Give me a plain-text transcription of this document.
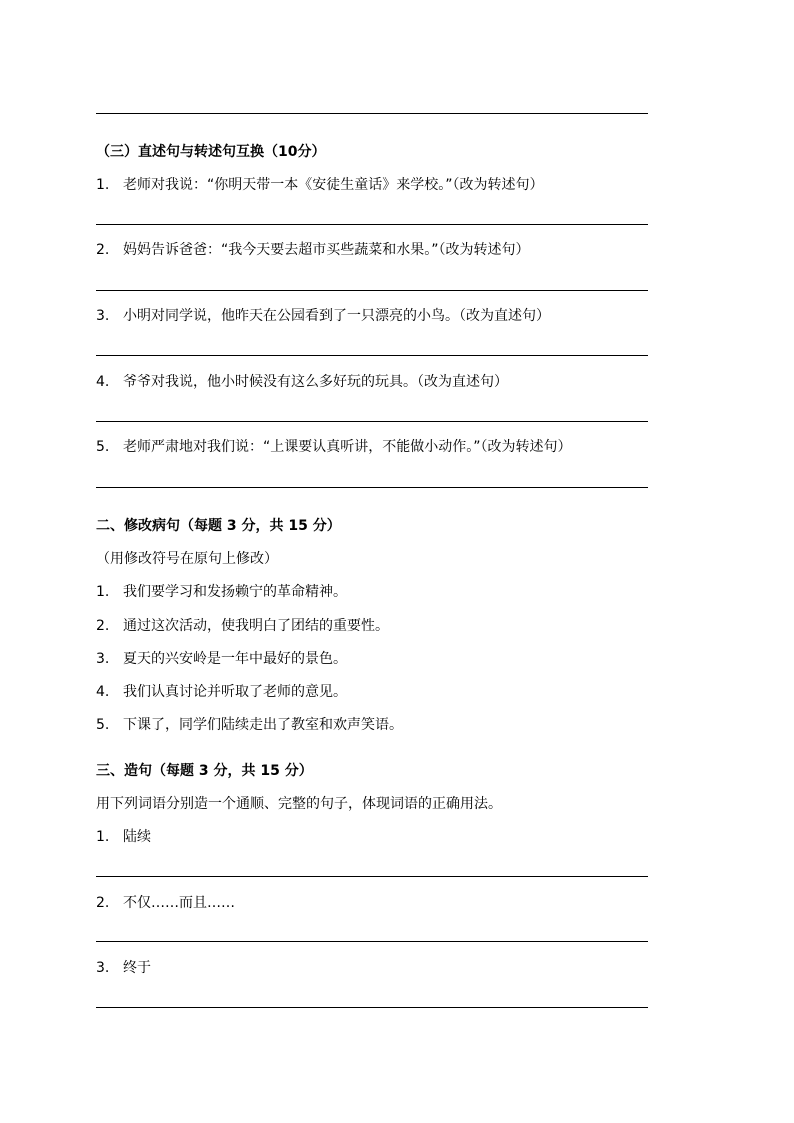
（三）直述句与转述句互换（10分）
1. 老师对我说：“你明天带一本《安徒生童话》来学校。”（改为转述句）
2. 妈妈告诉爸爸：“我今天要去超市买些蔬菜和水果。”（改为转述句）
3. 小明对同学说，他昨天在公园看到了一只漂亮的小鸟。（改为直述句）
4. 爷爷对我说，他小时候没有这么多好玩的玩具。（改为直述句）
5. 老师严肃地对我们说：“上课要认真听讲，不能做小动作。”（改为转述句）
二、修改病句（每题 3 分，共 15 分）
（用修改符号在原句上修改）
1. 我们要学习和发扬赖宁的革命精神。
2. 通过这次活动，使我明白了团结的重要性。
3. 夏天的兴安岭是一年中最好的景色。
4. 我们认真讨论并听取了老师的意见。
5. 下课了，同学们陆续走出了教室和欢声笑语。
三、造句（每题 3 分，共 15 分）
用下列词语分别造一个通顺、完整的句子，体现词语的正确用法。
1. 陆续
2. 不仅……而且……
3. 终于
